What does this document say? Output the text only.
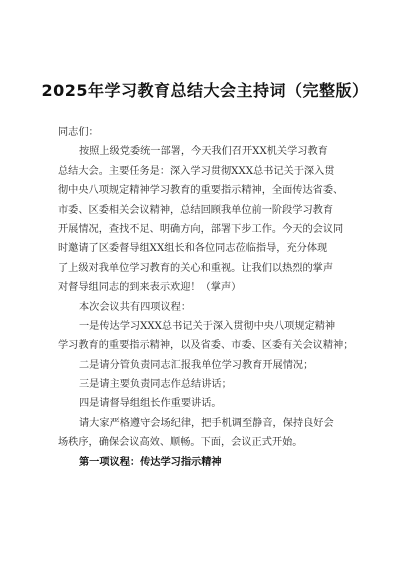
2025年学习教育总结大会主持词（完整版）
同志们：
按照上级党委统一部署，今天我们召开XX机关学习教育
总结大会。主要任务是：深入学习贯彻XXX总书记关于深入贯
彻中央八项规定精神学习教育的重要指示精神，全面传达省委、
市委、区委相关会议精神，总结回顾我单位前一阶段学习教育
开展情况，查找不足、明确方向，部署下步工作。今天的会议同
时邀请了区委督导组XX组长和各位同志莅临指导，充分体现
了上级对我单位学习教育的关心和重视。让我们以热烈的掌声
对督导组同志的到来表示欢迎！（掌声）
本次会议共有四项议程：
一是传达学习XXX总书记关于深入贯彻中央八项规定精神
学习教育的重要指示精神，以及省委、市委、区委有关会议精神；
二是请分管负责同志汇报我单位学习教育开展情况；
三是请主要负责同志作总结讲话；
四是请督导组组长作重要讲话。
请大家严格遵守会场纪律，把手机调至静音，保持良好会
场秩序，确保会议高效、顺畅。下面，会议正式开始。
第一项议程：传达学习指示精神
